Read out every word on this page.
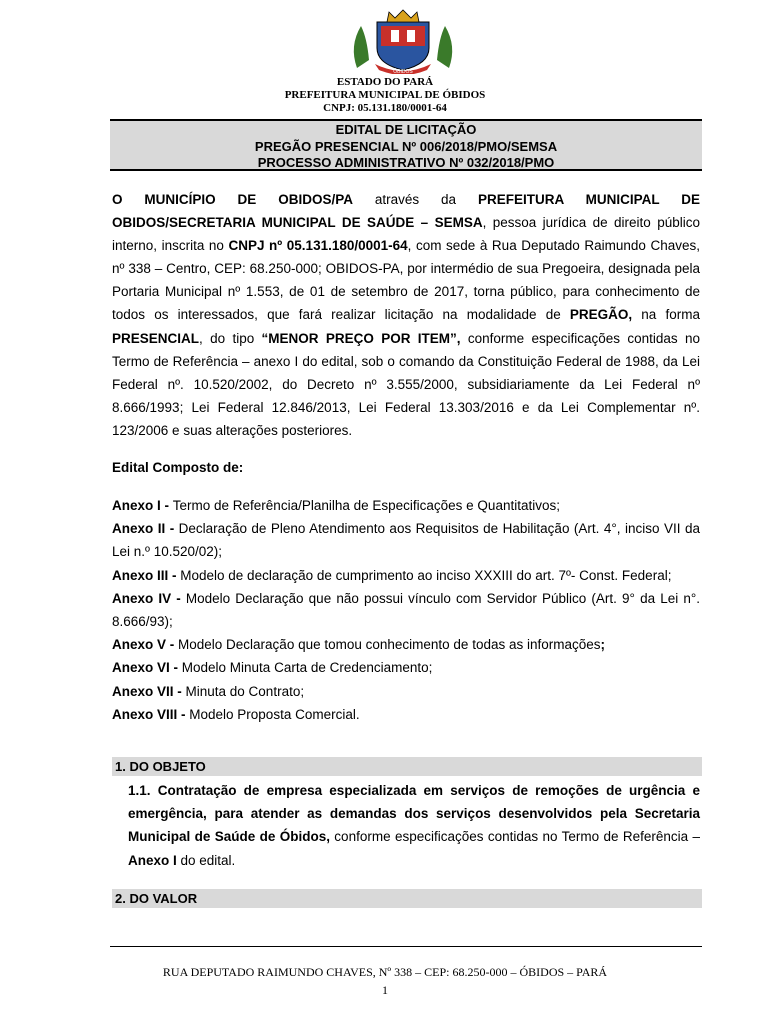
ÓBIDOS
ESTADO DO PARÁ
PREFEITURA MUNICIPAL DE ÓBIDOS
CNPJ: 05.131.180/0001-64
EDITAL DE LICITAÇÃO
PREGÃO PRESENCIAL Nº 006/2018/PMO/SEMSA
PROCESSO ADMINISTRATIVO Nº 032/2018/PMO
O MUNICÍPIO DE OBIDOS/PA através da PREFEITURA MUNICIPAL DE OBIDOS/SECRETARIA MUNICIPAL DE SAÚDE – SEMSA, pessoa jurídica de direito público interno, inscrita no CNPJ nº 05.131.180/0001-64, com sede à Rua Deputado Raimundo Chaves, nº 338 – Centro, CEP: 68.250-000; OBIDOS-PA, por intermédio de sua Pregoeira, designada pela Portaria Municipal nº 1.553, de 01 de setembro de 2017, torna público, para conhecimento de todos os interessados, que fará realizar licitação na modalidade de PREGÃO, na forma PRESENCIAL, do tipo “MENOR PREÇO POR ITEM”, conforme especificações contidas no Termo de Referência – anexo I do edital, sob o comando da Constituição Federal de 1988, da Lei Federal nº. 10.520/2002, do Decreto nº 3.555/2000, subsidiariamente da Lei Federal nº 8.666/1993; Lei Federal 12.846/2013, Lei Federal 13.303/2016 e da Lei Complementar nº. 123/2006 e suas alterações posteriores.
Edital Composto de:
Anexo I - Termo de Referência/Planilha de Especificações e Quantitativos;
Anexo II - Declaração de Pleno Atendimento aos Requisitos de Habilitação (Art. 4°, inciso VII da Lei n.º 10.520/02);
Anexo III - Modelo de declaração de cumprimento ao inciso XXXIII do art. 7º- Const. Federal;
Anexo IV - Modelo Declaração que não possui vínculo com Servidor Público (Art. 9° da Lei n°. 8.666/93);
Anexo V - Modelo Declaração que tomou conhecimento de todas as informações;
Anexo VI - Modelo Minuta Carta de Credenciamento;
Anexo VII - Minuta do Contrato;
Anexo VIII - Modelo Proposta Comercial.
1. DO OBJETO
1.1. Contratação de empresa especializada em serviços de remoções de urgência e emergência, para atender as demandas dos serviços desenvolvidos pela Secretaria Municipal de Saúde de Óbidos, conforme especificações contidas no Termo de Referência – Anexo I do edital.
2. DO VALOR
RUA DEPUTADO RAIMUNDO CHAVES, Nº 338 – CEP: 68.250-000 – ÓBIDOS – PARÁ
1
